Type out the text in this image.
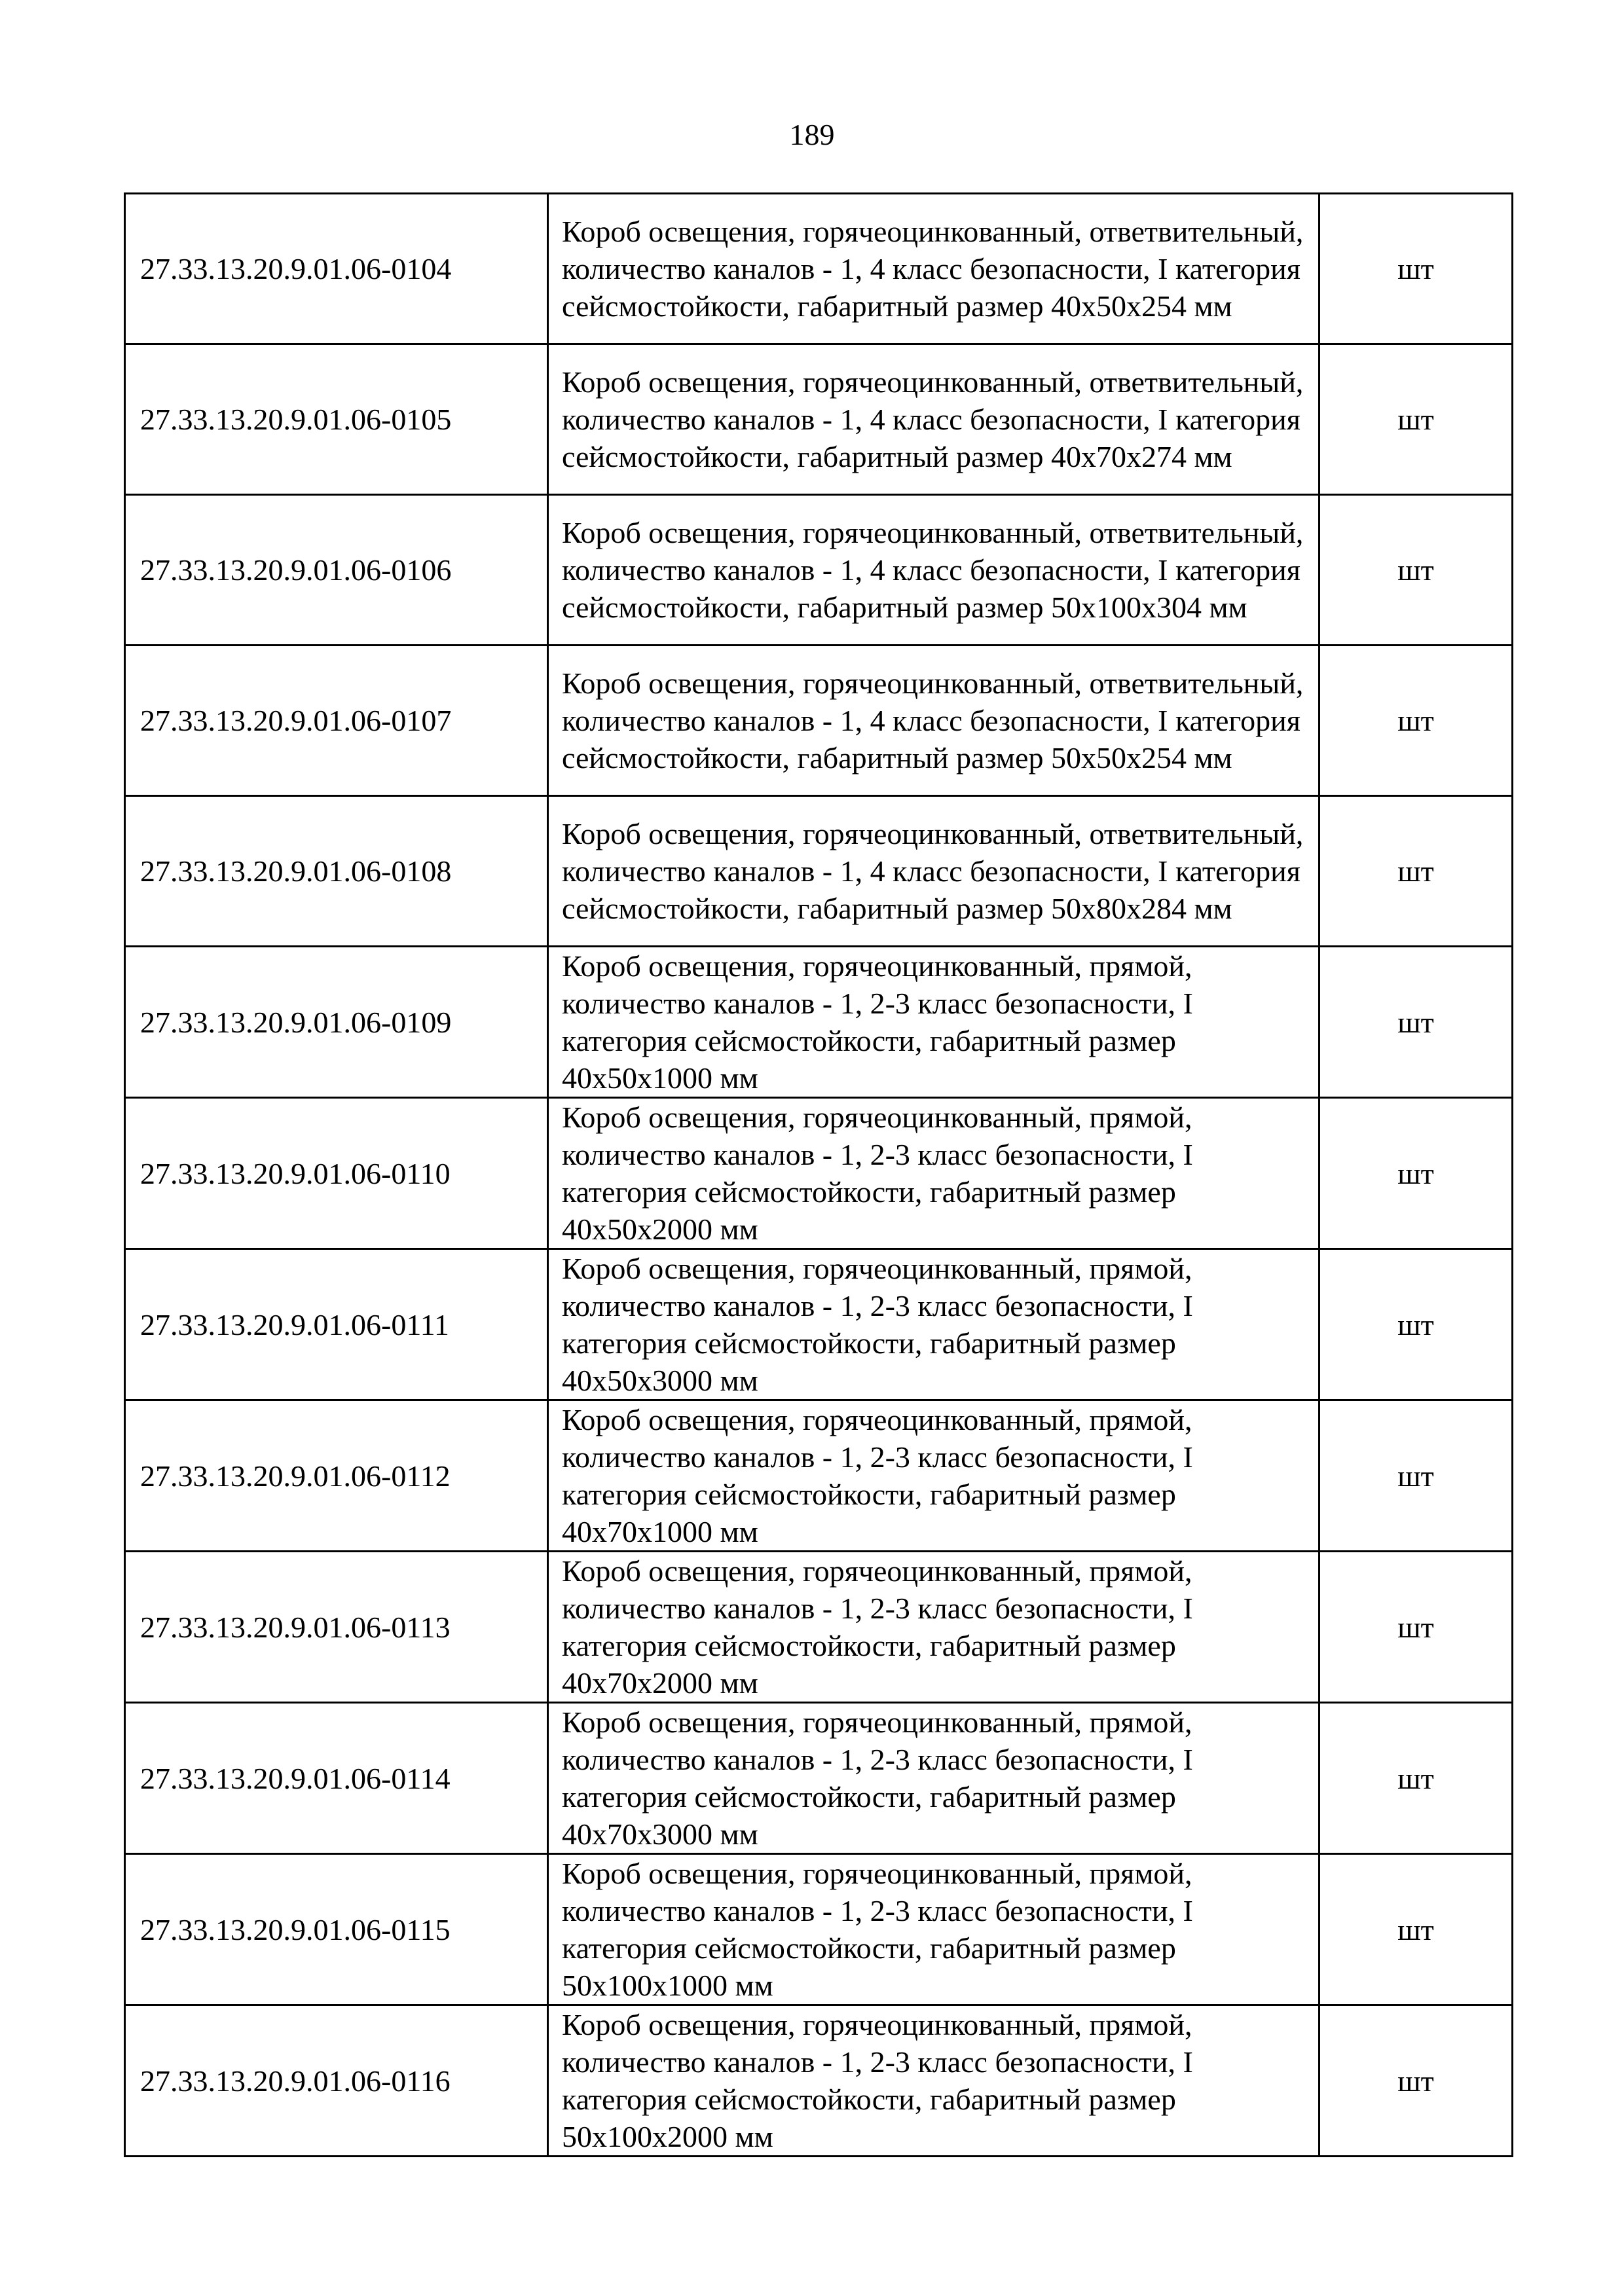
189
27.33.13.20.9.01.06-0104	Короб освещения, горячеоцинкованный, ответвительный, количество каналов - 1, 4 класс безопасности, I категория сейсмостойкости, габаритный размер 40х50х254 мм	шт
27.33.13.20.9.01.06-0105	Короб освещения, горячеоцинкованный, ответвительный, количество каналов - 1, 4 класс безопасности, I категория сейсмостойкости, габаритный размер 40х70х274 мм	шт
27.33.13.20.9.01.06-0106	Короб освещения, горячеоцинкованный, ответвительный, количество каналов - 1, 4 класс безопасности, I категория сейсмостойкости, габаритный размер 50х100х304 мм	шт
27.33.13.20.9.01.06-0107	Короб освещения, горячеоцинкованный, ответвительный, количество каналов - 1, 4 класс безопасности, I категория сейсмостойкости, габаритный размер 50х50х254 мм	шт
27.33.13.20.9.01.06-0108	Короб освещения, горячеоцинкованный, ответвительный, количество каналов - 1, 4 класс безопасности, I категория сейсмостойкости, габаритный размер 50х80х284 мм	шт
27.33.13.20.9.01.06-0109	Короб освещения, горячеоцинкованный, прямой, количество каналов - 1, 2-3 класс безопасности, I категория сейсмостойкости, габаритный размер 40х50х1000 мм	шт
27.33.13.20.9.01.06-0110	Короб освещения, горячеоцинкованный, прямой, количество каналов - 1, 2-3 класс безопасности, I категория сейсмостойкости, габаритный размер 40х50х2000 мм	шт
27.33.13.20.9.01.06-0111	Короб освещения, горячеоцинкованный, прямой, количество каналов - 1, 2-3 класс безопасности, I категория сейсмостойкости, габаритный размер 40х50х3000 мм	шт
27.33.13.20.9.01.06-0112	Короб освещения, горячеоцинкованный, прямой, количество каналов - 1, 2-3 класс безопасности, I категория сейсмостойкости, габаритный размер 40х70х1000 мм	шт
27.33.13.20.9.01.06-0113	Короб освещения, горячеоцинкованный, прямой, количество каналов - 1, 2-3 класс безопасности, I категория сейсмостойкости, габаритный размер 40х70х2000 мм	шт
27.33.13.20.9.01.06-0114	Короб освещения, горячеоцинкованный, прямой, количество каналов - 1, 2-3 класс безопасности, I категория сейсмостойкости, габаритный размер 40х70х3000 мм	шт
27.33.13.20.9.01.06-0115	Короб освещения, горячеоцинкованный, прямой, количество каналов - 1, 2-3 класс безопасности, I категория сейсмостойкости, габаритный размер 50х100х1000 мм	шт
27.33.13.20.9.01.06-0116	Короб освещения, горячеоцинкованный, прямой, количество каналов - 1, 2-3 класс безопасности, I категория сейсмостойкости, габаритный размер 50х100х2000 мм	шт
